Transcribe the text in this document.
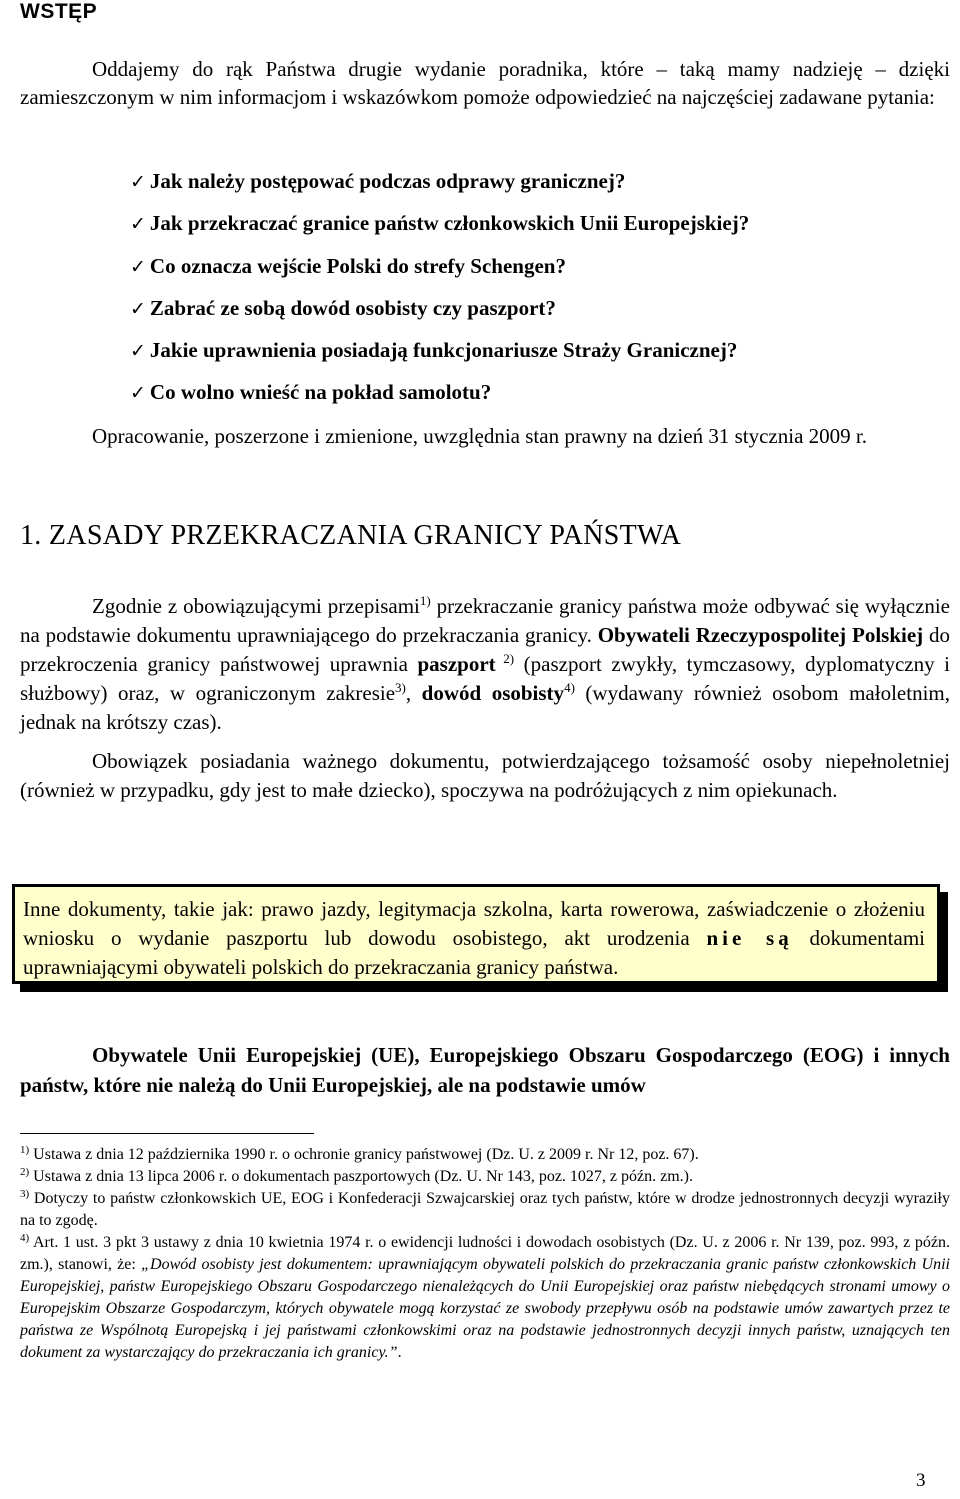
WSTĘP

Oddajemy do rąk Państwa drugie wydanie poradnika, które – taką mamy nadzieję – dzięki zamieszczonym w nim informacjom i wskazówkom pomoże odpowiedzieć na najczęściej zadawane pytania:

✓ Jak należy postępować podczas odprawy granicznej?
✓ Jak przekraczać granice państw członkowskich Unii Europejskiej?
✓ Co oznacza wejście Polski do strefy Schengen?
✓ Zabrać ze sobą dowód osobisty czy paszport?
✓ Jakie uprawnienia posiadają funkcjonariusze Straży Granicznej?
✓ Co wolno wnieść na pokład samolotu?

Opracowanie, poszerzone i zmienione, uwzględnia stan prawny na dzień 31 stycznia 2009 r.

1. ZASADY PRZEKRACZANIA GRANICY PAŃSTWA

Zgodnie z obowiązującymi przepisami$^{1)}$ przekraczanie granicy państwa może odbywać się wyłącznie na podstawie dokumentu uprawniającego do przekraczania granicy. Obywateli Rzeczypospolitej Polskiej do przekroczenia granicy państwowej uprawnia paszport $^{2)}$ (paszport zwykły, tymczasowy, dyplomatyczny i służbowy) oraz, w ograniczonym zakresie$^{3)}$, dowód osobisty$^{4)}$ (wydawany również osobom małoletnim, jednak na krótszy czas).

Obowiązek posiadania ważnego dokumentu, potwierdzającego tożsamość osoby niepełnoletniej (również w przypadku, gdy jest to małe dziecko), spoczywa na podróżujących z nim opiekunach.

Inne dokumenty, takie jak: prawo jazdy, legitymacja szkolna, karta rowerowa, zaświadczenie o złożeniu wniosku o wydanie paszportu lub dowodu osobistego, akt urodzenia nie są dokumentami uprawniającymi obywateli polskich do przekraczania granicy państwa.

Obywatele Unii Europejskiej (UE), Europejskiego Obszaru Gospodarczego (EOG) i innych państw, które nie należą do Unii Europejskiej, ale na podstawie umów

$^{1)}$ Ustawa z dnia 12 października 1990 r. o ochronie granicy państwowej (Dz. U. z 2009 r. Nr 12, poz. 67).

$^{2)}$ Ustawa z dnia 13 lipca 2006 r. o dokumentach paszportowych (Dz. U. Nr 143, poz. 1027, z późn. zm.).

$^{3)}$ Dotyczy to państw członkowskich UE, EOG i Konfederacji Szwajcarskiej oraz tych państw, które w drodze jednostronnych decyzji wyraziły na to zgodę.

$^{4)}$ Art. 1 ust. 3 pkt 3 ustawy z dnia 10 kwietnia 1974 r. o ewidencji ludności i dowodach osobistych (Dz. U. z 2006 r. Nr 139, poz. 993, z późn. zm.), stanowi, że: „Dowód osobisty jest dokumentem: uprawniającym obywateli polskich do przekraczania granic państw członkowskich Unii Europejskiej, państw Europejskiego Obszaru Gospodarczego nienależących do Unii Europejskiej oraz państw niebędących stronami umowy o Europejskim Obszarze Gospodarczym, których obywatele mogą korzystać ze swobody przepływu osób na podstawie umów zawartych przez te państwa ze Wspólnotą Europejską i jej państwami członkowskimi oraz na podstawie jednostronnych decyzji innych państw, uznających ten dokument za wystarczający do przekraczania ich granicy.”.

3
